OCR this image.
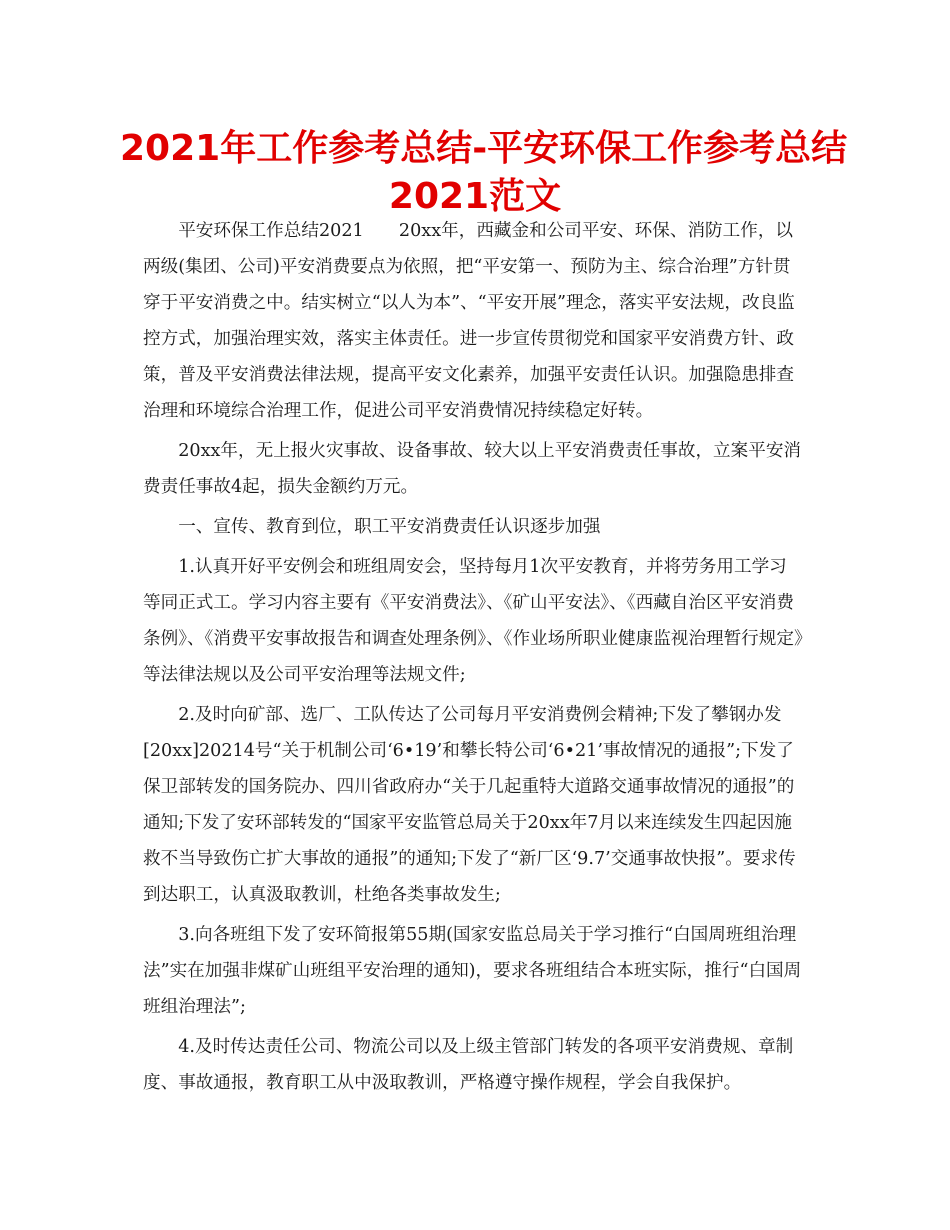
2021年工作参考总结-平安环保工作参考总结
2021范文

平安环保工作总结2021　　20xx年，西藏金和公司平安、环保、消防工作，以两级(集团、公司)平安消费要点为依照，把“平安第一、预防为主、综合治理”方针贯穿于平安消费之中。结实树立“以人为本”、“平安开展”理念，落实平安法规，改良监控方式，加强治理实效，落实主体责任。进一步宣传贯彻党和国家平安消费方针、政策，普及平安消费法律法规，提高平安文化素养，加强平安责任认识。加强隐患排查治理和环境综合治理工作，促进公司平安消费情况持续稳定好转。

20xx年，无上报火灾事故、设备事故、较大以上平安消费责任事故，立案平安消费责任事故4起，损失金额约万元。

一、宣传、教育到位，职工平安消费责任认识逐步加强

1.认真开好平安例会和班组周安会，坚持每月1次平安教育，并将劳务用工学习等同正式工。学习内容主要有《平安消费法》、《矿山平安法》、《西藏自治区平安消费条例》、《消费平安事故报告和调查处理条例》、《作业场所职业健康监视治理暂行规定》等法律法规以及公司平安治理等法规文件;

2.及时向矿部、选厂、工队传达了公司每月平安消费例会精神;下发了攀钢办发[20xx]20214号“关于机制公司‘6•19’和攀长特公司‘6•21’事故情况的通报”;下发了保卫部转发的国务院办、四川省政府办“关于几起重特大道路交通事故情况的通报”的通知;下发了安环部转发的“国家平安监管总局关于20xx年7月以来连续发生四起因施救不当导致伤亡扩大事故的通报”的通知;下发了“新厂区‘9.7’交通事故快报”。要求传到达职工，认真汲取教训，杜绝各类事故发生;

3.向各班组下发了安环简报第55期(国家安监总局关于学习推行“白国周班组治理法”实在加强非煤矿山班组平安治理的通知)，要求各班组结合本班实际，推行“白国周班组治理法”;

4.及时传达责任公司、物流公司以及上级主管部门转发的各项平安消费规、章制度、事故通报，教育职工从中汲取教训，严格遵守操作规程，学会自我保护。
